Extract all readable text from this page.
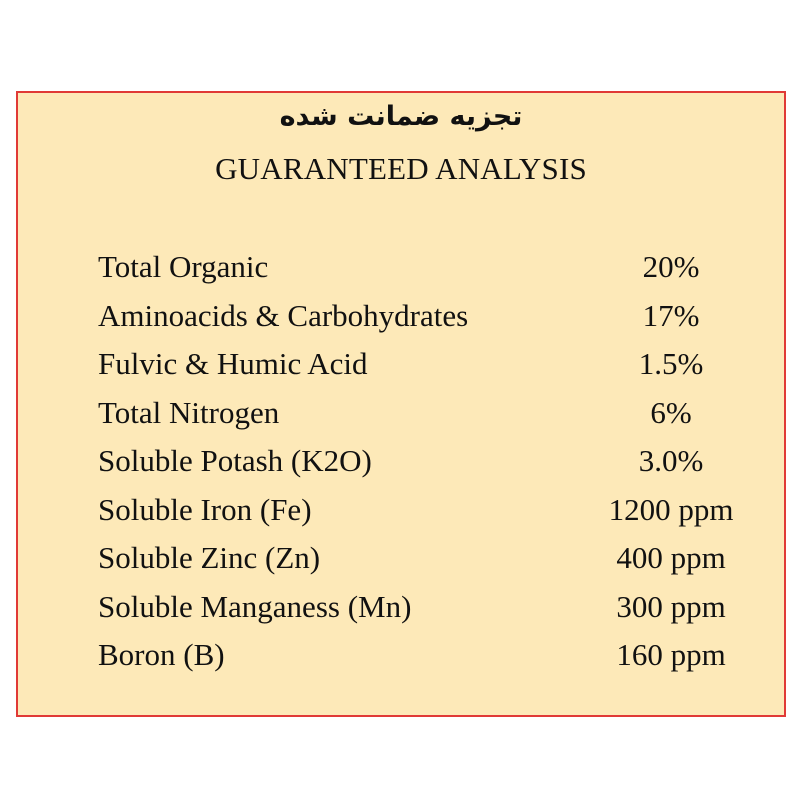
تجزیه ضمانت شده
GUARANTEED ANALYSIS
Total Organic	20%
Aminoacids & Carbohydrates	17%
Fulvic & Humic Acid	1.5%
Total Nitrogen	6%
Soluble Potash (K2O)	3.0%
Soluble Iron (Fe)	1200 ppm
Soluble Zinc (Zn)	400 ppm
Soluble Manganess (Mn)	300 ppm
Boron (B)	160 ppm
